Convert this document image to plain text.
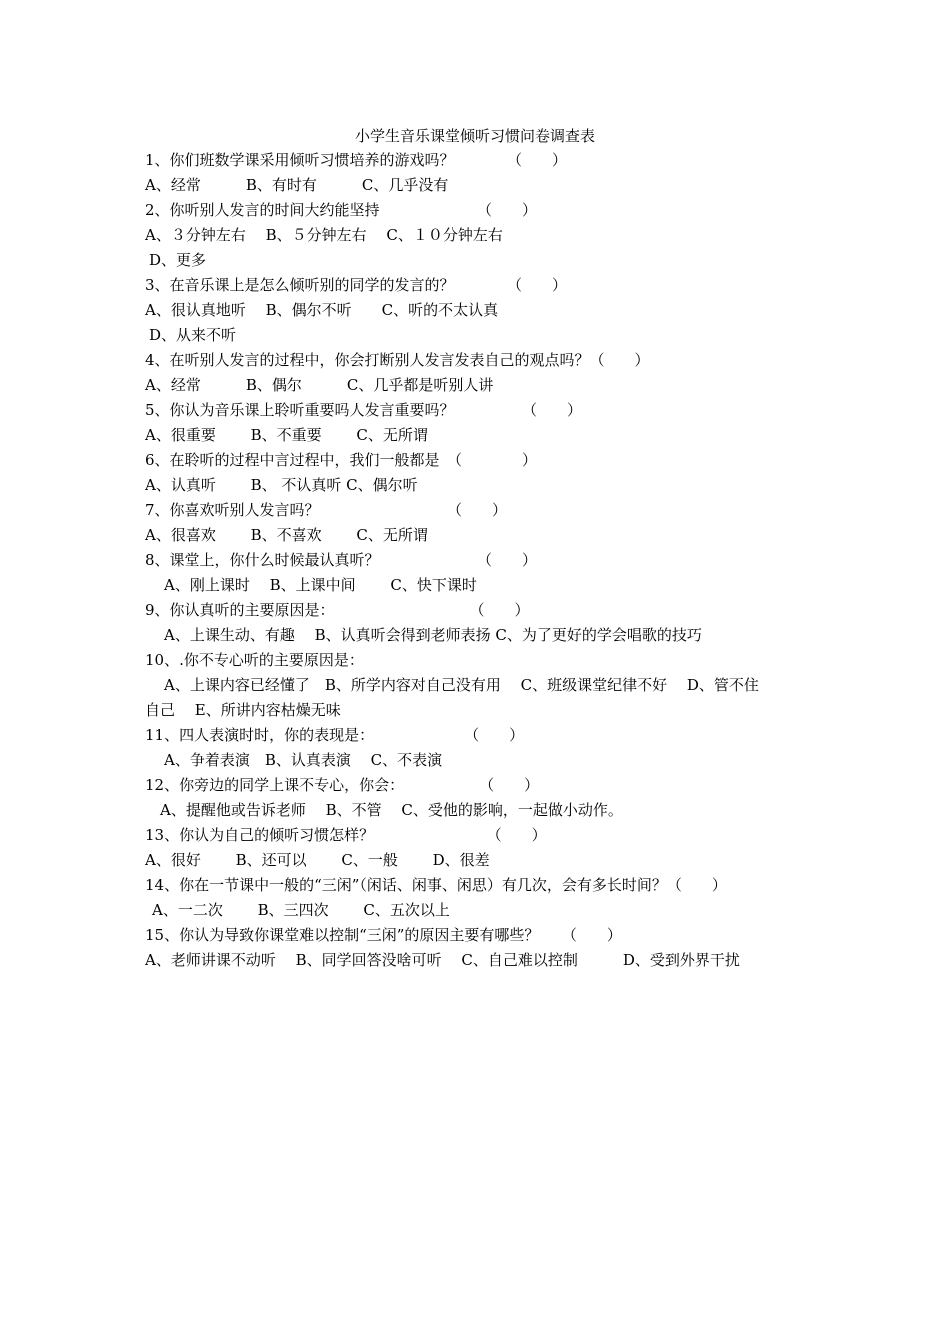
小学生音乐课堂倾听习惯问卷调查表
1、你们班数学课采用倾听习惯培养的游戏吗？　　　　（　　）
A、经常　　　B、有时有　　　C、几乎没有
2、你听别人发言的时间大约能坚持　　　　　　　（　　）
A、３分钟左右　 B、５分钟左右　 C、１０分钟左右
D、更多
3、在音乐课上是怎么倾听别的同学的发言的？　　　　（　　）
A、很认真地听　 B、偶尔不听　　C、听的不太认真
D、从来不听
4、在听别人发言的过程中，你会打断别人发言发表自己的观点吗？（　　）
A、经常　　　B、偶尔　　　C、几乎都是听别人讲
5、你认为音乐课上聆听重要吗人发言重要吗？　　　　　（　　）
A、很重要　　 B、不重要　　 C、无所谓
6、在聆听的过程中言过程中，我们一般都是　（　　　　）
A、认真听　　 B、 不认真听 C、偶尔听
7、你喜欢听别人发言吗？　　　　　　　　　（　　）
A、很喜欢　　 B、不喜欢　　 C、无所谓
8、课堂上，你什么时候最认真听？　　　　　　　（　　）
A、刚上课时　 B、上课中间　　 C、快下课时
9、你认真听的主要原因是：　　　　　　　　　　（　　）
A、上课生动、有趣　 B、认真听会得到老师表扬 C、为了更好的学会唱歌的技巧
10、.你不专心听的主要原因是：
A、上课内容已经懂了　B、所学内容对自己没有用　 C、班级课堂纪律不好　 D、管不住
自己　 E、所讲内容枯燥无味
11、四人表演时时，你的表现是：　　　　　　　（　　）
A、争着表演　B、认真表演　 C、不表演
12、你旁边的同学上课不专心，你会：　　　　　　（　　）
A、提醒他或告诉老师　 B、不管　 C、受他的影响，一起做小动作。
13、你认为自己的倾听习惯怎样？　　　　　　　　（　　）
A、很好　　 B、还可以　　 C、一般　　 D、很差
14、你在一节课中一般的“三闲”（闲话、闲事、闲思）有几次，会有多长时间？（　　）
A、一二次　　 B、三四次　　 C、五次以上
15、你认为导致你课堂难以控制“三闲”的原因主要有哪些？　　（　　）
A、老师讲课不动听　 B、同学回答没啥可听　 C、自己难以控制　　　D、受到外界干扰
